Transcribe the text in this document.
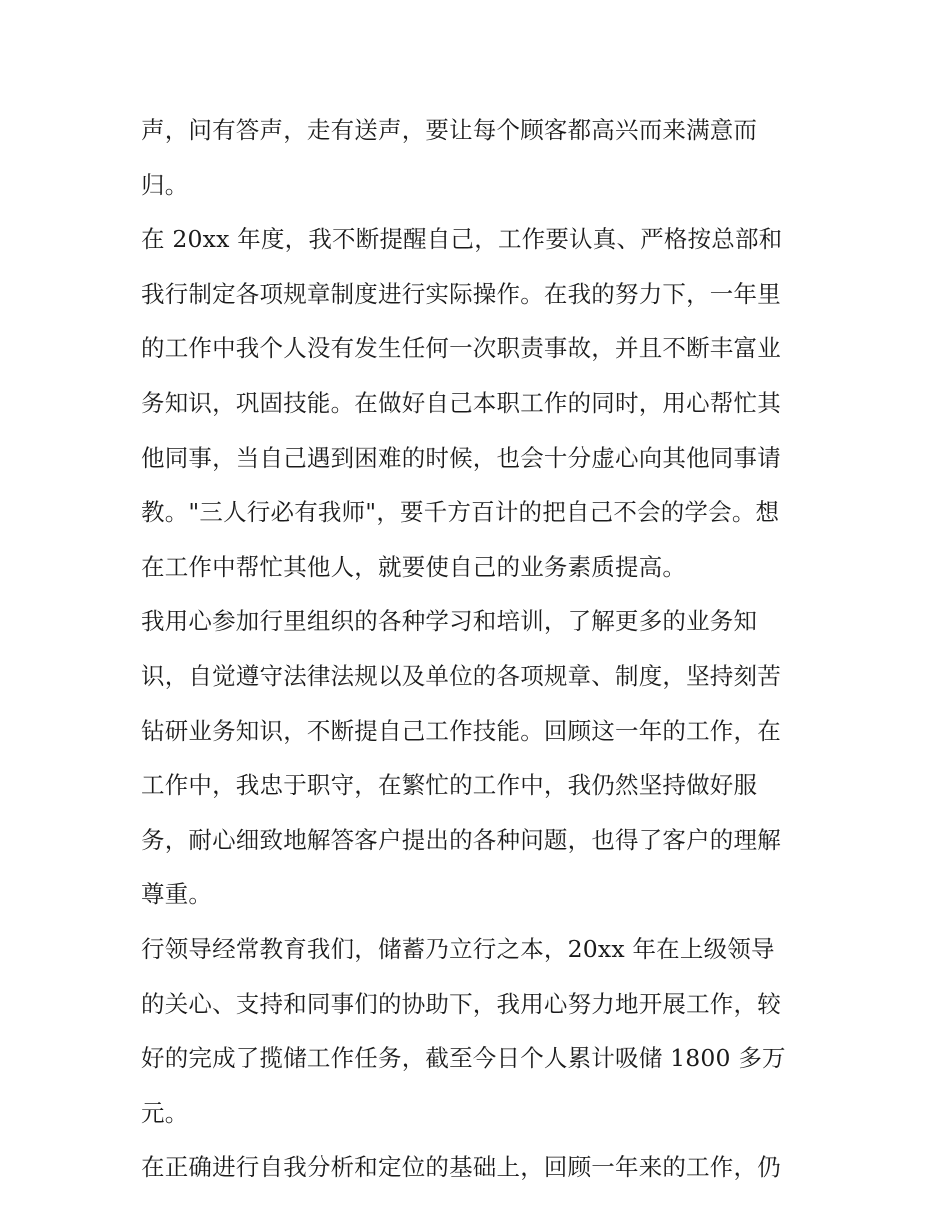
声，问有答声，走有送声，要让每个顾客都高兴而来满意而
归。
在 20xx 年度，我不断提醒自己，工作要认真、严格按总部和
我行制定各项规章制度进行实际操作。在我的努力下，一年里
的工作中我个人没有发生任何一次职责事故，并且不断丰富业
务知识，巩固技能。在做好自己本职工作的同时，用心帮忙其
他同事，当自己遇到困难的时候，也会十分虚心向其他同事请
教。"三人行必有我师"，要千方百计的把自己不会的学会。想
在工作中帮忙其他人，就要使自己的业务素质提高。
我用心参加行里组织的各种学习和培训，了解更多的业务知
识，自觉遵守法律法规以及单位的各项规章、制度，坚持刻苦
钻研业务知识，不断提自己工作技能。回顾这一年的工作，在
工作中，我忠于职守，在繁忙的工作中，我仍然坚持做好服
务，耐心细致地解答客户提出的各种问题，也得了客户的理解
尊重。
行领导经常教育我们，储蓄乃立行之本，20xx 年在上级领导
的关心、支持和同事们的协助下，我用心努力地开展工作，较
好的完成了揽储工作任务，截至今日个人累计吸储 1800 多万
元。
在正确进行自我分析和定位的基础上，回顾一年来的工作，仍
